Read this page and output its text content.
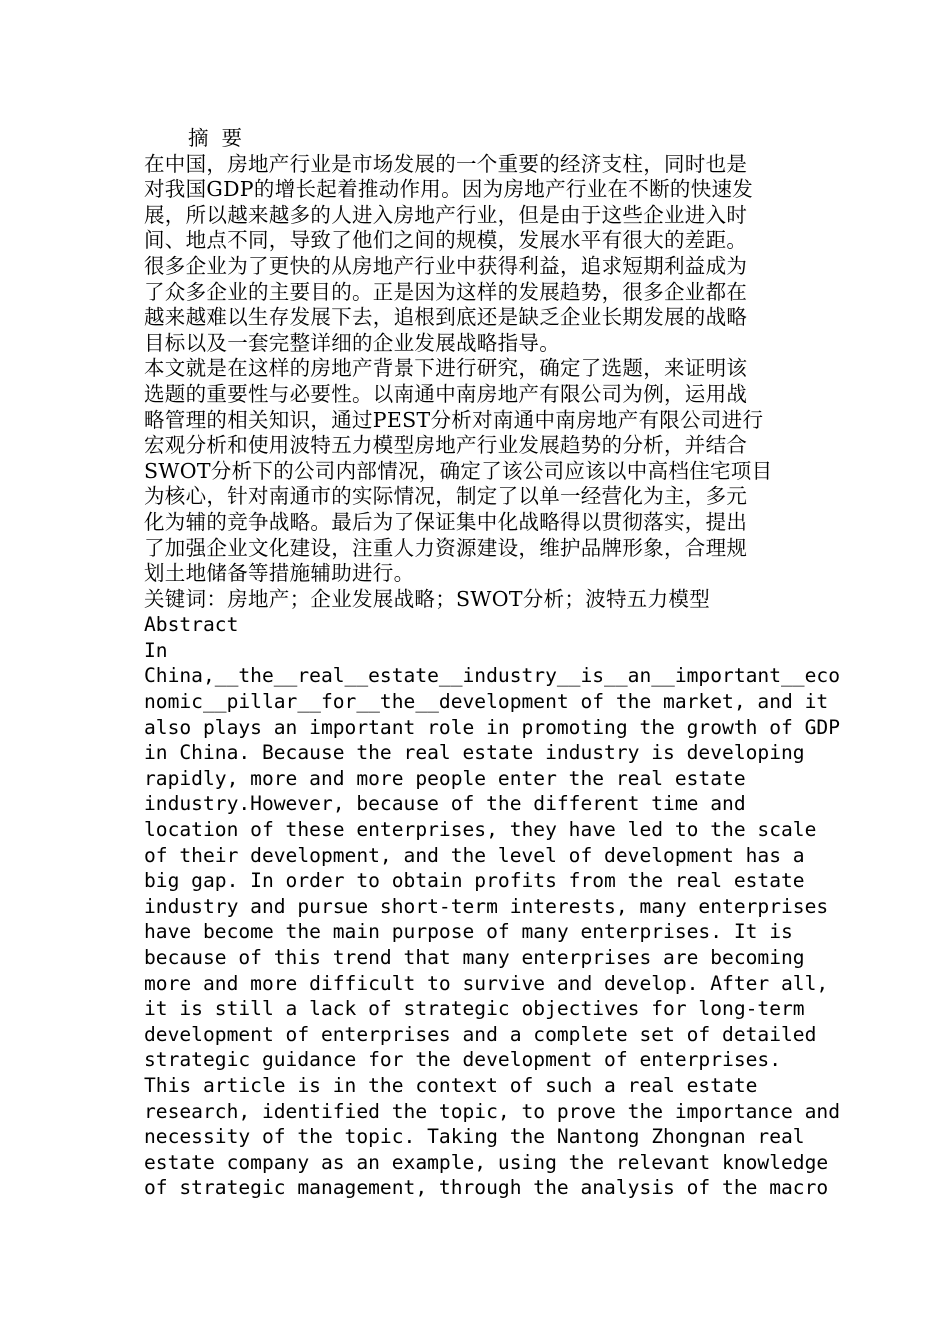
摘  要
在中国，房地产行业是市场发展的一个重要的经济支柱，同时也是
对我国GDP的增长起着推动作用。因为房地产行业在不断的快速发
展，所以越来越多的人进入房地产行业，但是由于这些企业进入时
间、地点不同，导致了他们之间的规模，发展水平有很大的差距。
很多企业为了更快的从房地产行业中获得利益，追求短期利益成为
了众多企业的主要目的。正是因为这样的发展趋势，很多企业都在
越来越难以生存发展下去，追根到底还是缺乏企业长期发展的战略
目标以及一套完整详细的企业发展战略指导。
本文就是在这样的房地产背景下进行研究，确定了选题，来证明该
选题的重要性与必要性。以南通中南房地产有限公司为例，运用战
略管理的相关知识，通过PEST分析对南通中南房地产有限公司进行
宏观分析和使用波特五力模型房地产行业发展趋势的分析，并结合
SWOT分析下的公司内部情况，确定了该公司应该以中高档住宅项目
为核心，针对南通市的实际情况，制定了以单一经营化为主，多元
化为辅的竞争战略。最后为了保证集中化战略得以贯彻落实，提出
了加强企业文化建设，注重人力资源建设，维护品牌形象，合理规
划土地储备等措施辅助进行。
关键词：房地产；企业发展战略；SWOT分析；波特五力模型
Abstract
In
China,__the__real__estate__industry__is__an__important__eco
nomic__pillar__for__the__development of the market, and it
also plays an important role in promoting the growth of GDP
in China. Because the real estate industry is developing
rapidly, more and more people enter the real estate
industry.However, because of the different time and
location of these enterprises, they have led to the scale
of their development, and the level of development has a
big gap. In order to obtain profits from the real estate
industry and pursue short-term interests, many enterprises
have become the main purpose of many enterprises. It is
because of this trend that many enterprises are becoming
more and more difficult to survive and develop. After all,
it is still a lack of strategic objectives for long-term
development of enterprises and a complete set of detailed
strategic guidance for the development of enterprises.
This article is in the context of such a real estate
research, identified the topic, to prove the importance and
necessity of the topic. Taking the Nantong Zhongnan real
estate company as an example, using the relevant knowledge
of strategic management, through the analysis of the macro
